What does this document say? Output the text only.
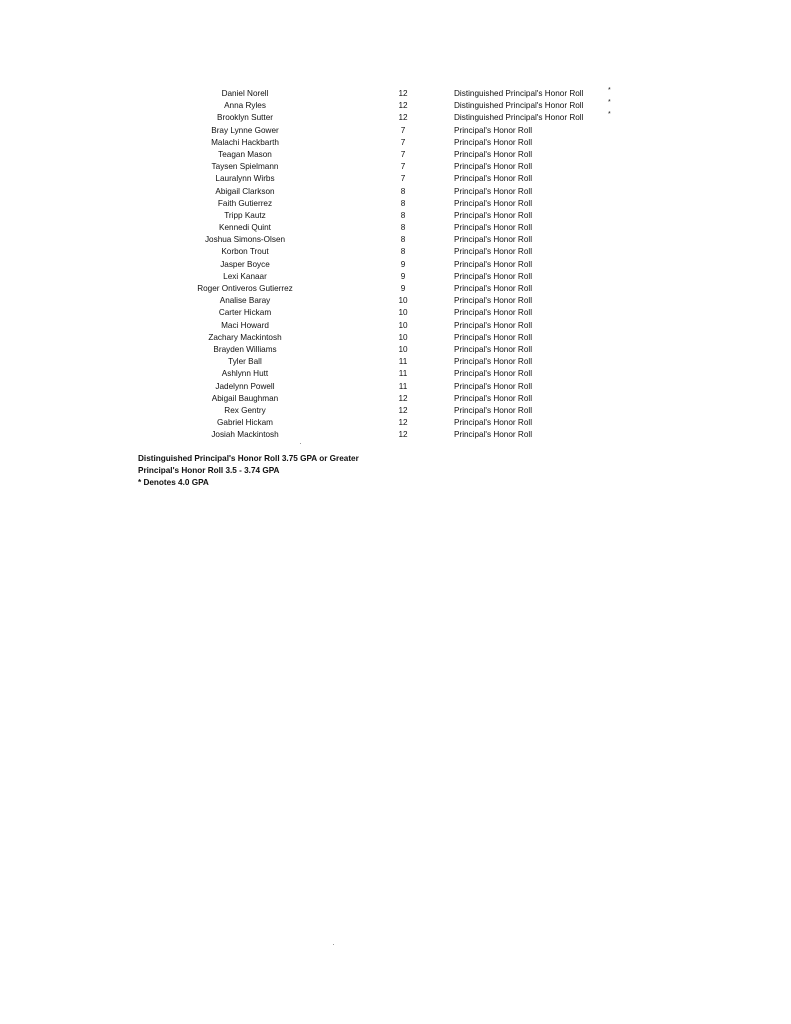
Daniel Norell	12	Distinguished Principal's Honor Roll	*
Anna Ryles	12	Distinguished Principal's Honor Roll	*
Brooklyn Sutter	12	Distinguished Principal's Honor Roll	*
Bray Lynne Gower	7	Principal's Honor Roll
Malachi Hackbarth	7	Principal's Honor Roll
Teagan Mason	7	Principal's Honor Roll
Taysen Spielmann	7	Principal's Honor Roll
Lauralynn Wirbs	7	Principal's Honor Roll
Abigail Clarkson	8	Principal's Honor Roll
Faith Gutierrez	8	Principal's Honor Roll
Tripp Kautz	8	Principal's Honor Roll
Kennedi Quint	8	Principal's Honor Roll
Joshua Simons-Olsen	8	Principal's Honor Roll
Korbon Trout	8	Principal's Honor Roll
Jasper Boyce	9	Principal's Honor Roll
Lexi Kanaar	9	Principal's Honor Roll
Roger Ontiveros Gutierrez	9	Principal's Honor Roll
Analise Baray	10	Principal's Honor Roll
Carter Hickam	10	Principal's Honor Roll
Maci Howard	10	Principal's Honor Roll
Zachary Mackintosh	10	Principal's Honor Roll
Brayden Williams	10	Principal's Honor Roll
Tyler Ball	11	Principal's Honor Roll
Ashlynn Hutt	11	Principal's Honor Roll
Jadelynn Powell	11	Principal's Honor Roll
Abigail Baughman	12	Principal's Honor Roll
Rex Gentry	12	Principal's Honor Roll
Gabriel Hickam	12	Principal's Honor Roll
Josiah Mackintosh	12	Principal's Honor Roll
Distinguished Principal's Honor Roll 3.75 GPA or Greater
Principal's Honor Roll 3.5 - 3.74 GPA
* Denotes 4.0 GPA
